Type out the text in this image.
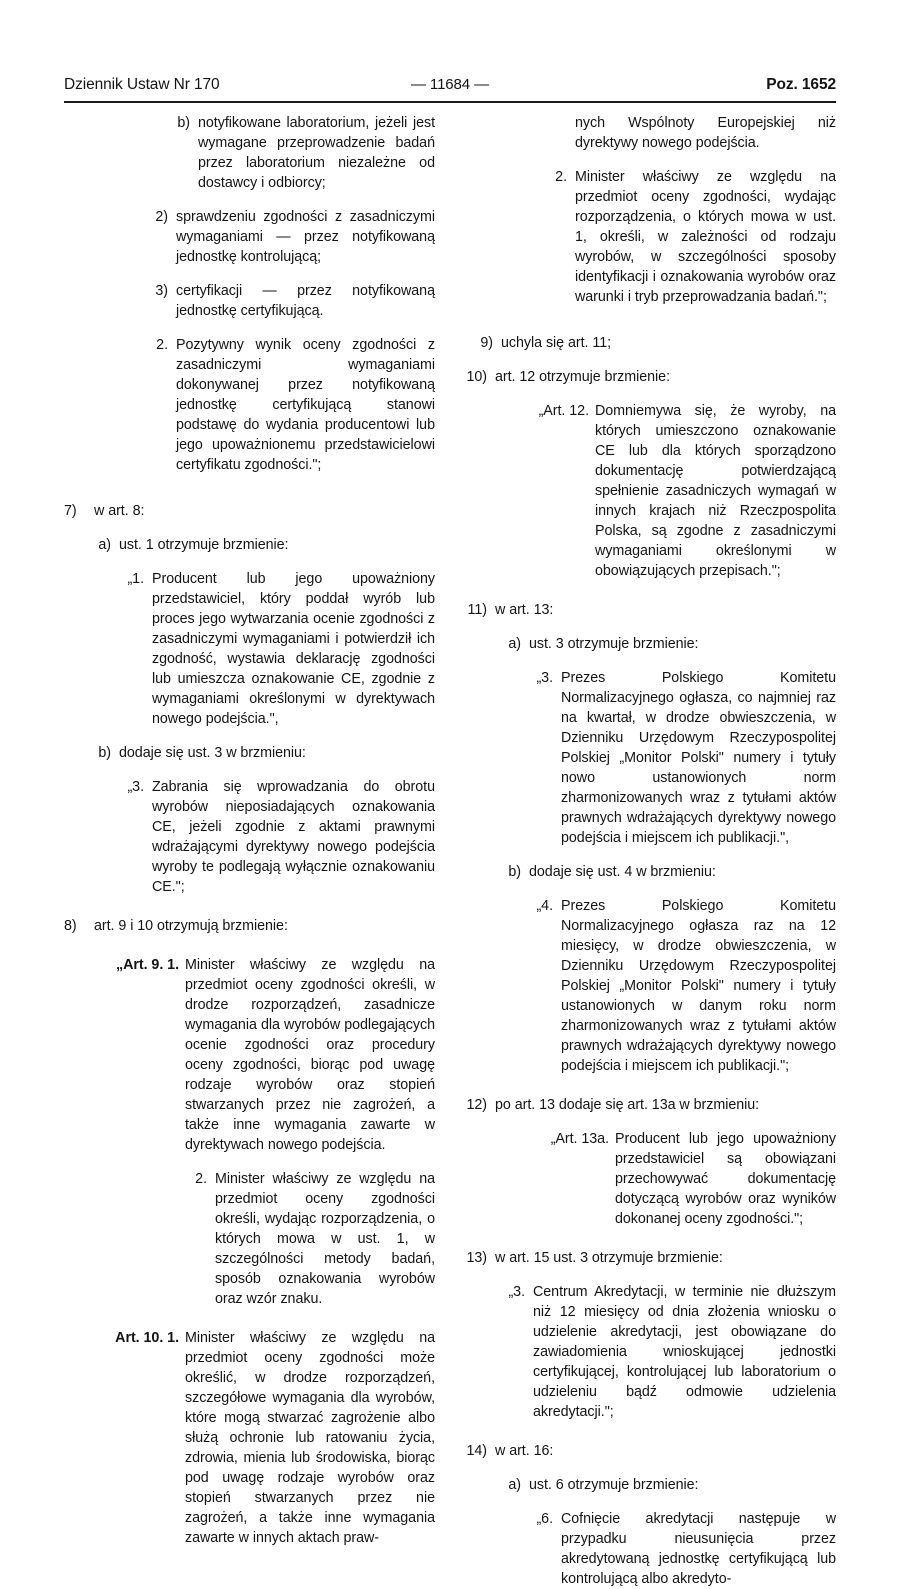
Dziennik Ustaw Nr 170	— 11684 —	Poz. 1652
b) notyfikowane laboratorium, jeżeli jest wymagane przeprowadzenie badań przez laboratorium niezależne od dostawcy i odbiorcy;
2) sprawdzeniu zgodności z zasadniczymi wymaganiami — przez notyfikowaną jednostkę kontrolującą;
3) certyfikacji — przez notyfikowaną jednostkę certyfikującą.
2. Pozytywny wynik oceny zgodności z zasadniczymi wymaganiami dokonywanej przez notyfikowaną jednostkę certyfikującą stanowi podstawę do wydania producentowi lub jego upoważnionemu przedstawicielowi certyfikatu zgodności.";
7)	w art. 8:
a) ust. 1 otrzymuje brzmienie:
„1. Producent lub jego upoważniony przedstawiciel, który poddał wyrób lub proces jego wytwarzania ocenie zgodności z zasadniczymi wymaganiami i potwierdził ich zgodność, wystawia deklarację zgodności lub umieszcza oznakowanie CE, zgodnie z wymaganiami określonymi w dyrektywach nowego podejścia.",
b) dodaje się ust. 3 w brzmieniu:
„3. Zabrania się wprowadzania do obrotu wyrobów nieposiadających oznakowania CE, jeżeli zgodnie z aktami prawnymi wdrażającymi dyrektywy nowego podejścia wyroby te podlegają wyłącznie oznakowaniu CE.";
8)	art. 9 i 10 otrzymują brzmienie:
„Art. 9. 1. Minister właściwy ze względu na przedmiot oceny zgodności określi, w drodze rozporządzeń, zasadnicze wymagania dla wyrobów podlegających ocenie zgodności oraz procedury oceny zgodności, biorąc pod uwagę rodzaje wyrobów oraz stopień stwarzanych przez nie zagrożeń, a także inne wymagania zawarte w dyrektywach nowego podejścia.
2. Minister właściwy ze względu na przedmiot oceny zgodności określi, wydając rozporządzenia, o których mowa w ust. 1, w szczególności metody badań, sposób oznakowania wyrobów oraz wzór znaku.
Art. 10. 1. Minister właściwy ze względu na przedmiot oceny zgodności może określić, w drodze rozporządzeń, szczegółowe wymagania dla wyrobów, które mogą stwarzać zagrożenie albo służą ochronie lub ratowaniu życia, zdrowia, mienia lub środowiska, biorąc pod uwagę rodzaje wyrobów oraz stopień stwarzanych przez nie zagrożeń, a także inne wymagania zawarte w innych aktach praw-
nych Wspólnoty Europejskiej niż dyrektywy nowego podejścia.
2. Minister właściwy ze względu na przedmiot oceny zgodności, wydając rozporządzenia, o których mowa w ust. 1, określi, w zależności od rodzaju wyrobów, w szczególności sposoby identyfikacji i oznakowania wyrobów oraz warunki i tryb przeprowadzania badań.";
9) uchyla się art. 11;
10) art. 12 otrzymuje brzmienie:
„Art. 12. Domniemywa się, że wyroby, na których umieszczono oznakowanie CE lub dla których sporządzono dokumentację potwierdzającą spełnienie zasadniczych wymagań w innych krajach niż Rzeczpospolita Polska, są zgodne z zasadniczymi wymaganiami określonymi w obowiązujących przepisach.";
11) w art. 13:
a) ust. 3 otrzymuje brzmienie:
„3. Prezes Polskiego Komitetu Normalizacyjnego ogłasza, co najmniej raz na kwartał, w drodze obwieszczenia, w Dzienniku Urzędowym Rzeczypospolitej Polskiej „Monitor Polski" numery i tytuły nowo ustanowionych norm zharmonizowanych wraz z tytułami aktów prawnych wdrażających dyrektywy nowego podejścia i miejscem ich publikacji.",
b) dodaje się ust. 4 w brzmieniu:
„4. Prezes Polskiego Komitetu Normalizacyjnego ogłasza raz na 12 miesięcy, w drodze obwieszczenia, w Dzienniku Urzędowym Rzeczypospolitej Polskiej „Monitor Polski" numery i tytuły ustanowionych w danym roku norm zharmonizowanych wraz z tytułami aktów prawnych wdrażających dyrektywy nowego podejścia i miejscem ich publikacji.";
12) po art. 13 dodaje się art. 13a w brzmieniu:
„Art. 13a. Producent lub jego upoważniony przedstawiciel są obowiązani przechowywać dokumentację dotyczącą wyrobów oraz wyników dokonanej oceny zgodności.";
13) w art. 15 ust. 3 otrzymuje brzmienie:
„3. Centrum Akredytacji, w terminie nie dłuższym niż 12 miesięcy od dnia złożenia wniosku o udzielenie akredytacji, jest obowiązane do zawiadomienia wnioskującej jednostki certyfikującej, kontrolującej lub laboratorium o udzieleniu bądź odmowie udzielenia akredytacji.";
14) w art. 16:
a) ust. 6 otrzymuje brzmienie:
„6. Cofnięcie akredytacji następuje w przypadku nieusunięcia przez akredytowaną jednostkę certyfikującą lub kontrolującą albo akredyto-
